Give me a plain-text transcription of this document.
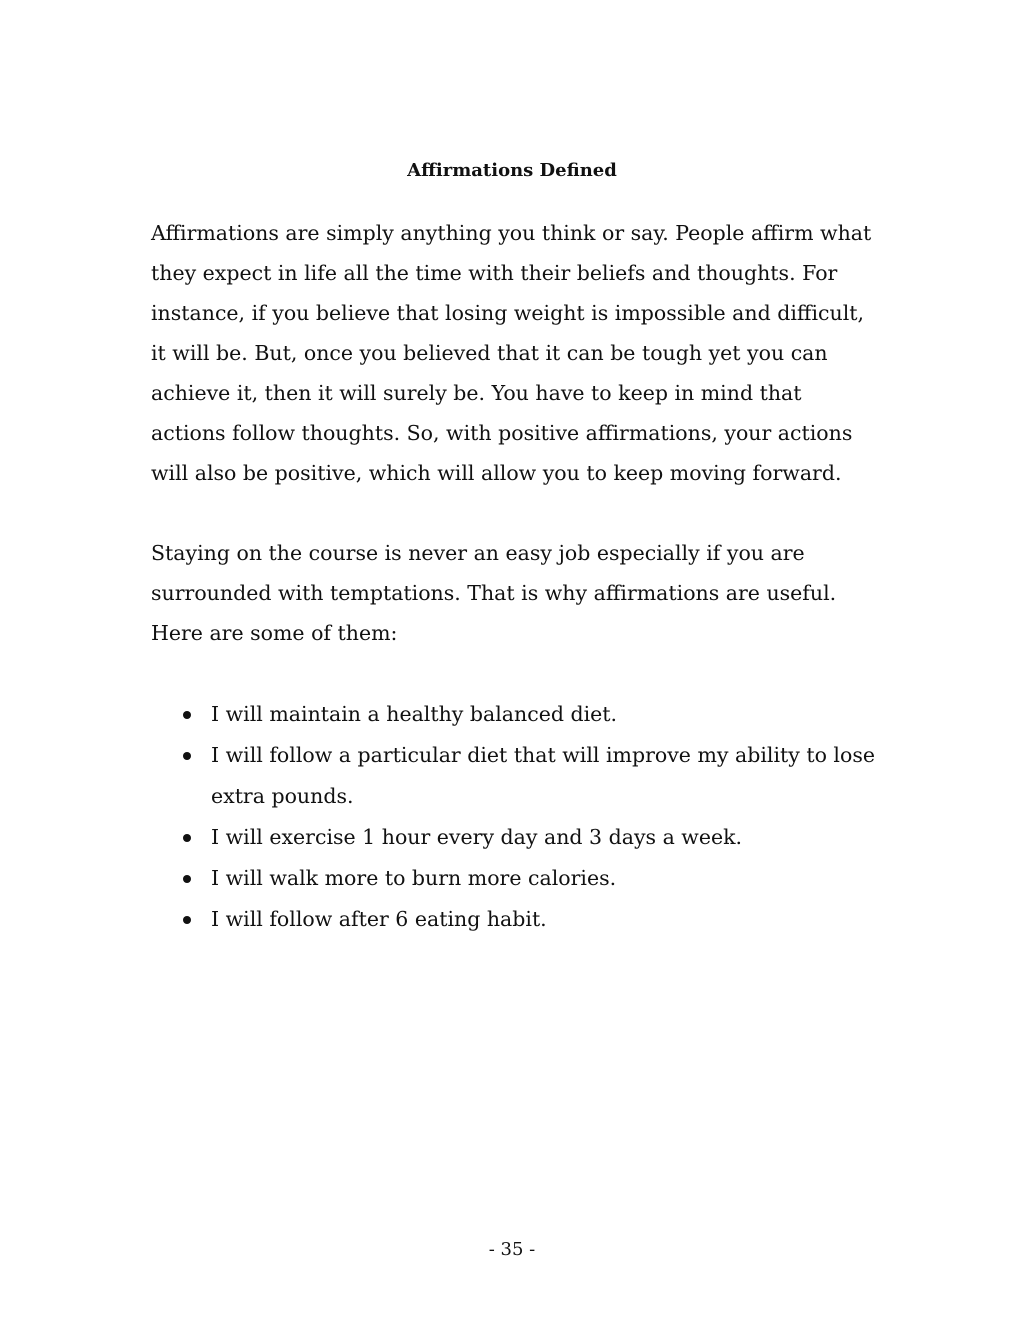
Affirmations Defined

Affirmations are simply anything you think or say. People affirm what they expect in life all the time with their beliefs and thoughts. For instance, if you believe that losing weight is impossible and difficult, it will be. But, once you believed that it can be tough yet you can achieve it, then it will surely be. You have to keep in mind that actions follow thoughts. So, with positive affirmations, your actions will also be positive, which will allow you to keep moving forward.

Staying on the course is never an easy job especially if you are surrounded with temptations. That is why affirmations are useful. Here are some of them:

I will maintain a healthy balanced diet.
I will follow a particular diet that will improve my ability to lose extra pounds.
I will exercise 1 hour every day and 3 days a week.
I will walk more to burn more calories.
I will follow after 6 eating habit.
- 35 -
